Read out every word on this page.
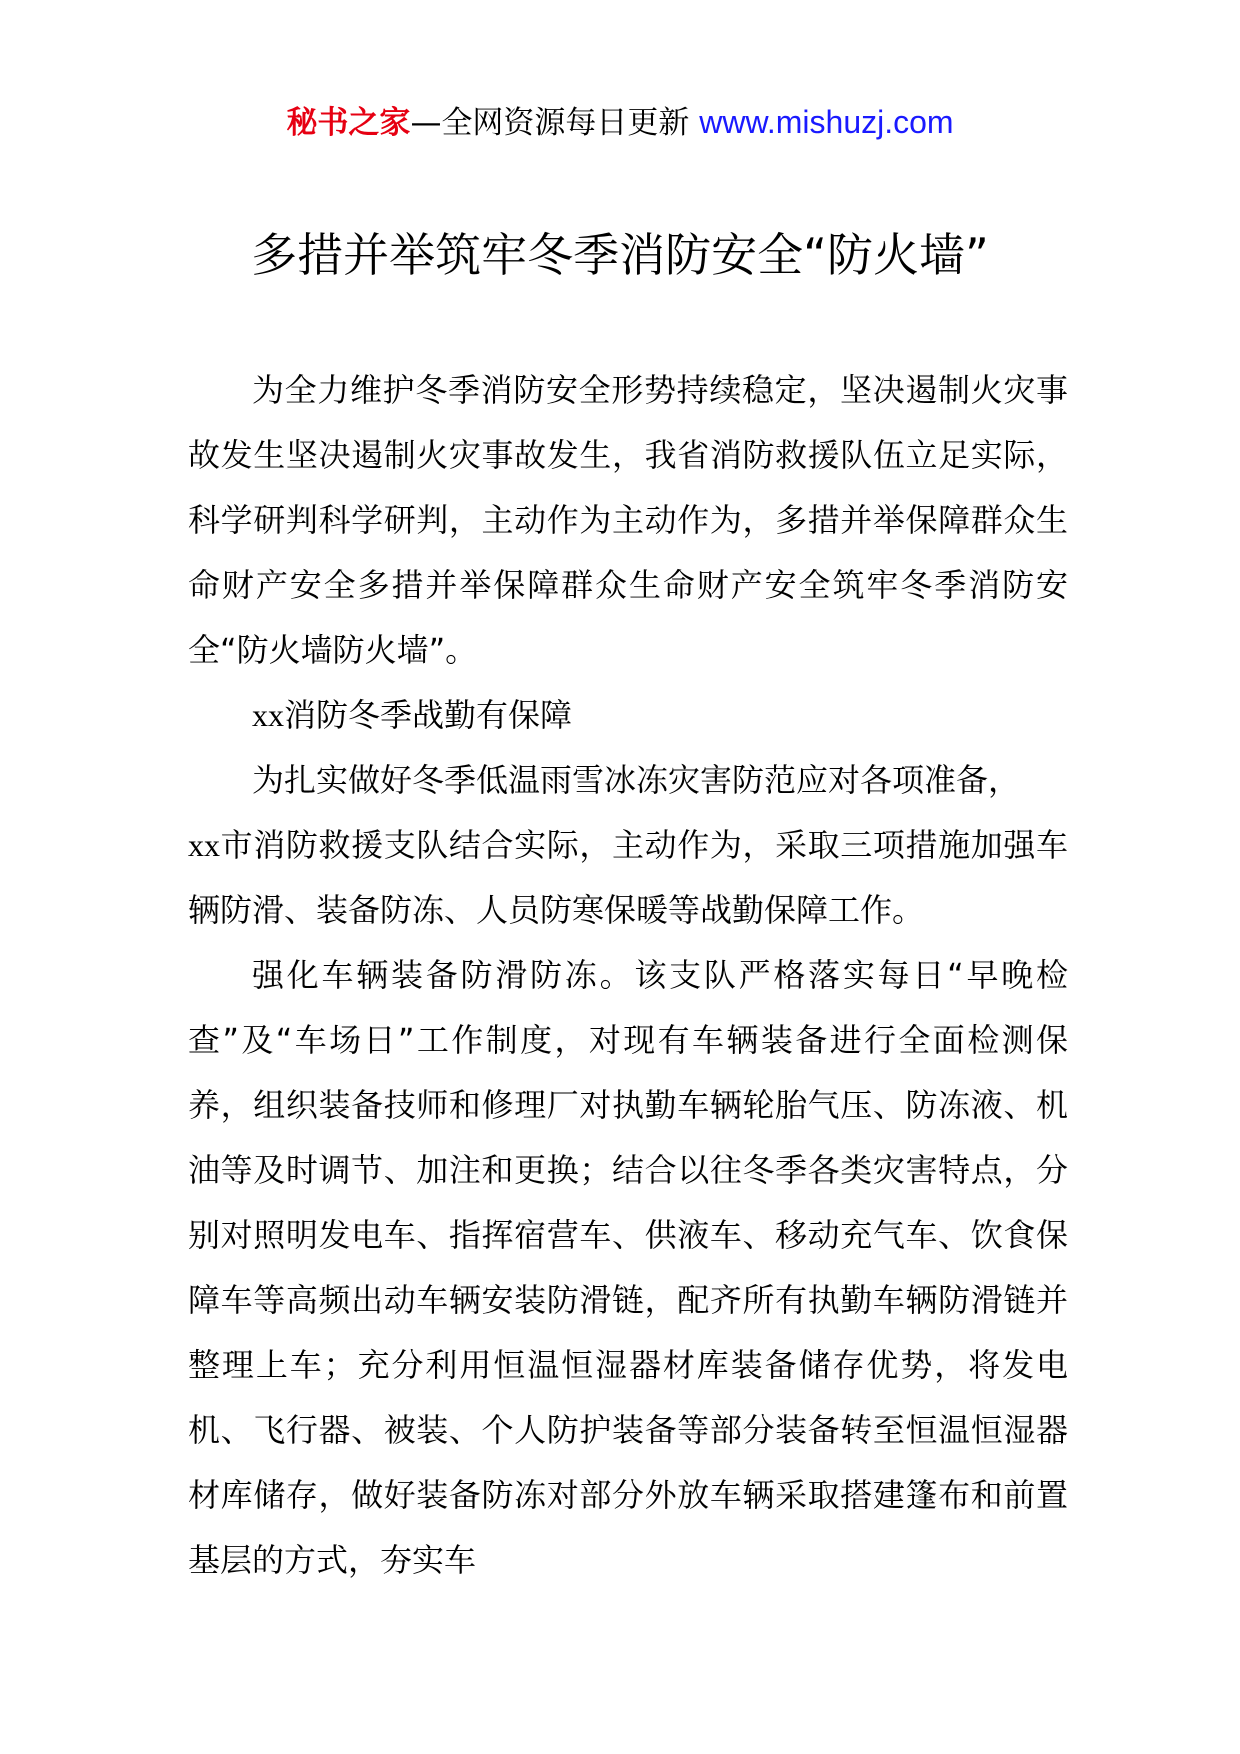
秘书之家—全网资源每日更新 www.mishuzj.com
多措并举筑牢冬季消防安全“防火墙”

为全力维护冬季消防安全形势持续稳定，坚决遏制火灾事故发生坚决遏制火灾事故发生，我省消防救援队伍立足实际，科学研判科学研判，主动作为主动作为，多措并举保障群众生命财产安全多措并举保障群众生命财产安全筑牢冬季消防安全“防火墙防火墙”。

xx消防冬季战勤有保障

为扎实做好冬季低温雨雪冰冻灾害防范应对各项准备，

xx市消防救援支队结合实际，主动作为，采取三项措施加强车辆防滑、装备防冻、人员防寒保暖等战勤保障工作。

强化车辆装备防滑防冻。该支队严格落实每日“早晚检查”及“车场日”工作制度，对现有车辆装备进行全面检测保养，组织装备技师和修理厂对执勤车辆轮胎气压、防冻液、机油等及时调节、加注和更换；结合以往冬季各类灾害特点，分别对照明发电车、指挥宿营车、供液车、移动充气车、饮食保障车等高频出动车辆安装防滑链，配齐所有执勤车辆防滑链并整理上车；充分利用恒温恒湿器材库装备储存优势，将发电机、飞行器、被装、个人防护装备等部分装备转至恒温恒湿器材库储存，做好装备防冻对部分外放车辆采取搭建篷布和前置基层的方式，夯实车
